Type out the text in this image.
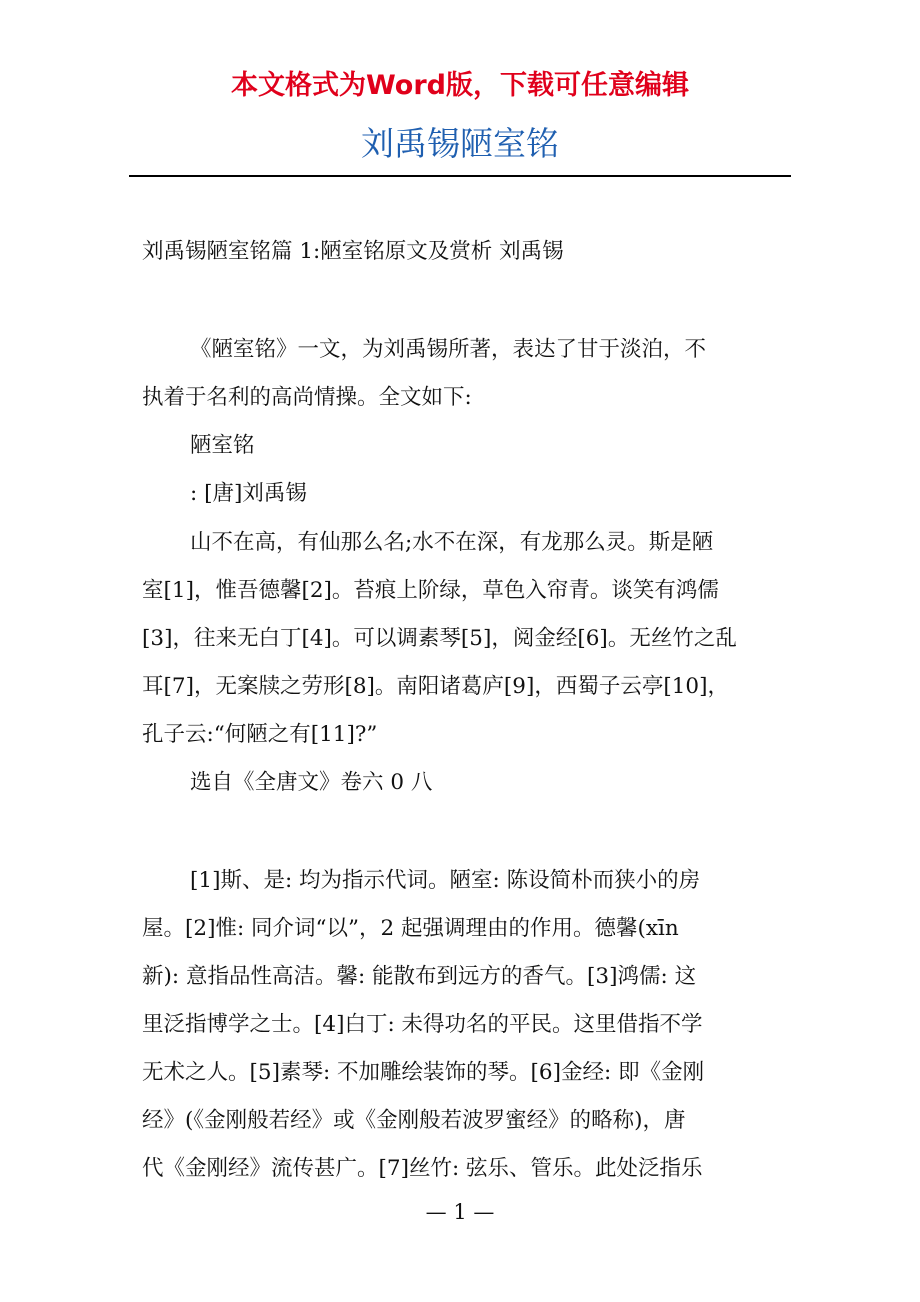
本文格式为Word版，下载可任意编辑
刘禹锡陋室铭
刘禹锡陋室铭篇 1:陋室铭原文及赏析 刘禹锡
《陋室铭》一文，为刘禹锡所著，表达了甘于淡泊，不
执着于名利的高尚情操。全文如下:
陋室铭
: [唐]刘禹锡
山不在高，有仙那么名;水不在深，有龙那么灵。斯是陋
室[1]，惟吾德馨[2]。苔痕上阶绿，草色入帘青。谈笑有鸿儒
[3]，往来无白丁[4]。可以调素琴[5]，阅金经[6]。无丝竹之乱
耳[7]，无案牍之劳形[8]。南阳诸葛庐[9]，西蜀子云亭[10]，
孔子云:“何陋之有[11]?”
选自《全唐文》卷六 0 八
[1]斯、是: 均为指示代词。陋室: 陈设简朴而狭小的房
屋。[2]惟: 同介词“以”，2 起强调理由的作用。德馨(xīn
新): 意指品性高洁。馨: 能散布到远方的香气。[3]鸿儒: 这
里泛指博学之士。[4]白丁: 未得功名的平民。这里借指不学
无术之人。[5]素琴: 不加雕绘装饰的琴。[6]金经: 即《金刚
经》(《金刚般若经》或《金刚般若波罗蜜经》的略称)，唐
代《金刚经》流传甚广。[7]丝竹: 弦乐、管乐。此处泛指乐
— 1 —
